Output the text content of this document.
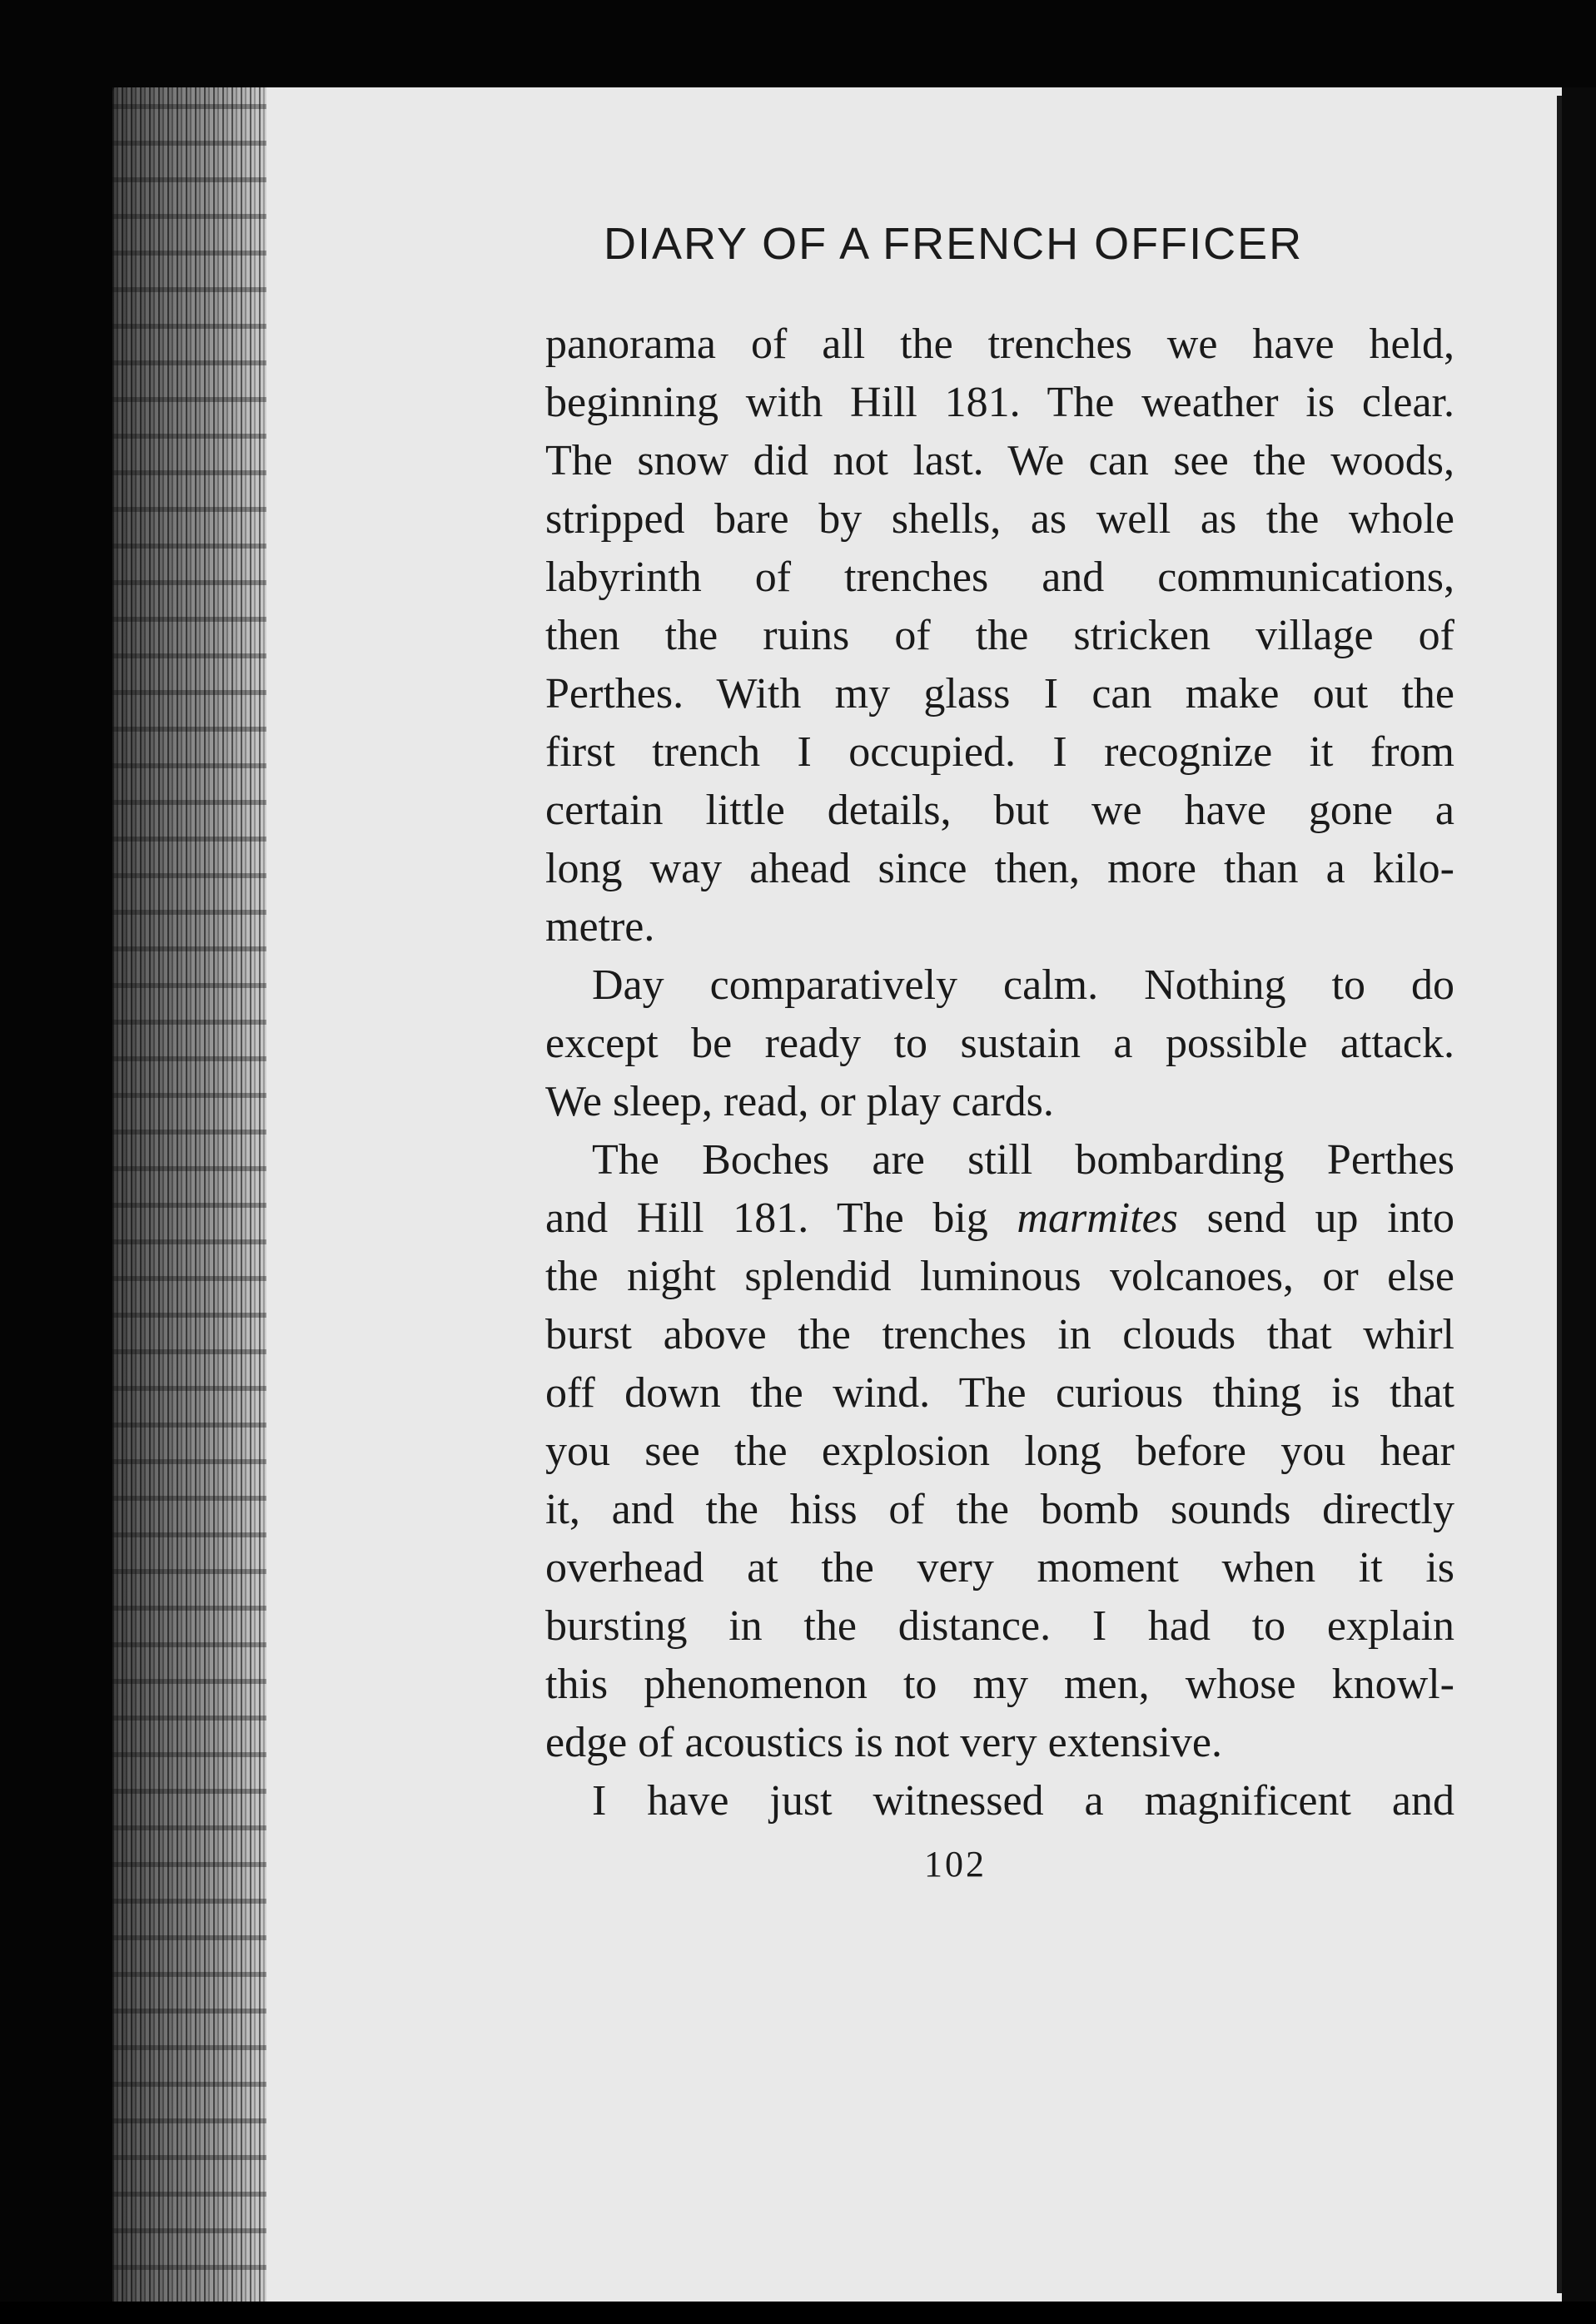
DIARY OF A FRENCH OFFICER
panorama of all the trenches we have held,
beginning with Hill 181. The weather is clear.
The snow did not last. We can see the woods,
stripped bare by shells, as well as the whole
labyrinth of trenches and communications,
then the ruins of the stricken village of
Perthes. With my glass I can make out the
first trench I occupied. I recognize it from
certain little details, but we have gone a
long way ahead since then, more than a kilo-
metre.
Day comparatively calm. Nothing to do
except be ready to sustain a possible attack.
We sleep, read, or play cards.
The Boches are still bombarding Perthes
and Hill 181. The big marmites send up into
the night splendid luminous volcanoes, or else
burst above the trenches in clouds that whirl
off down the wind. The curious thing is that
you see the explosion long before you hear
it, and the hiss of the bomb sounds directly
overhead at the very moment when it is
bursting in the distance. I had to explain
this phenomenon to my men, whose knowl-
edge of acoustics is not very extensive.
I have just witnessed a magnificent and
102
